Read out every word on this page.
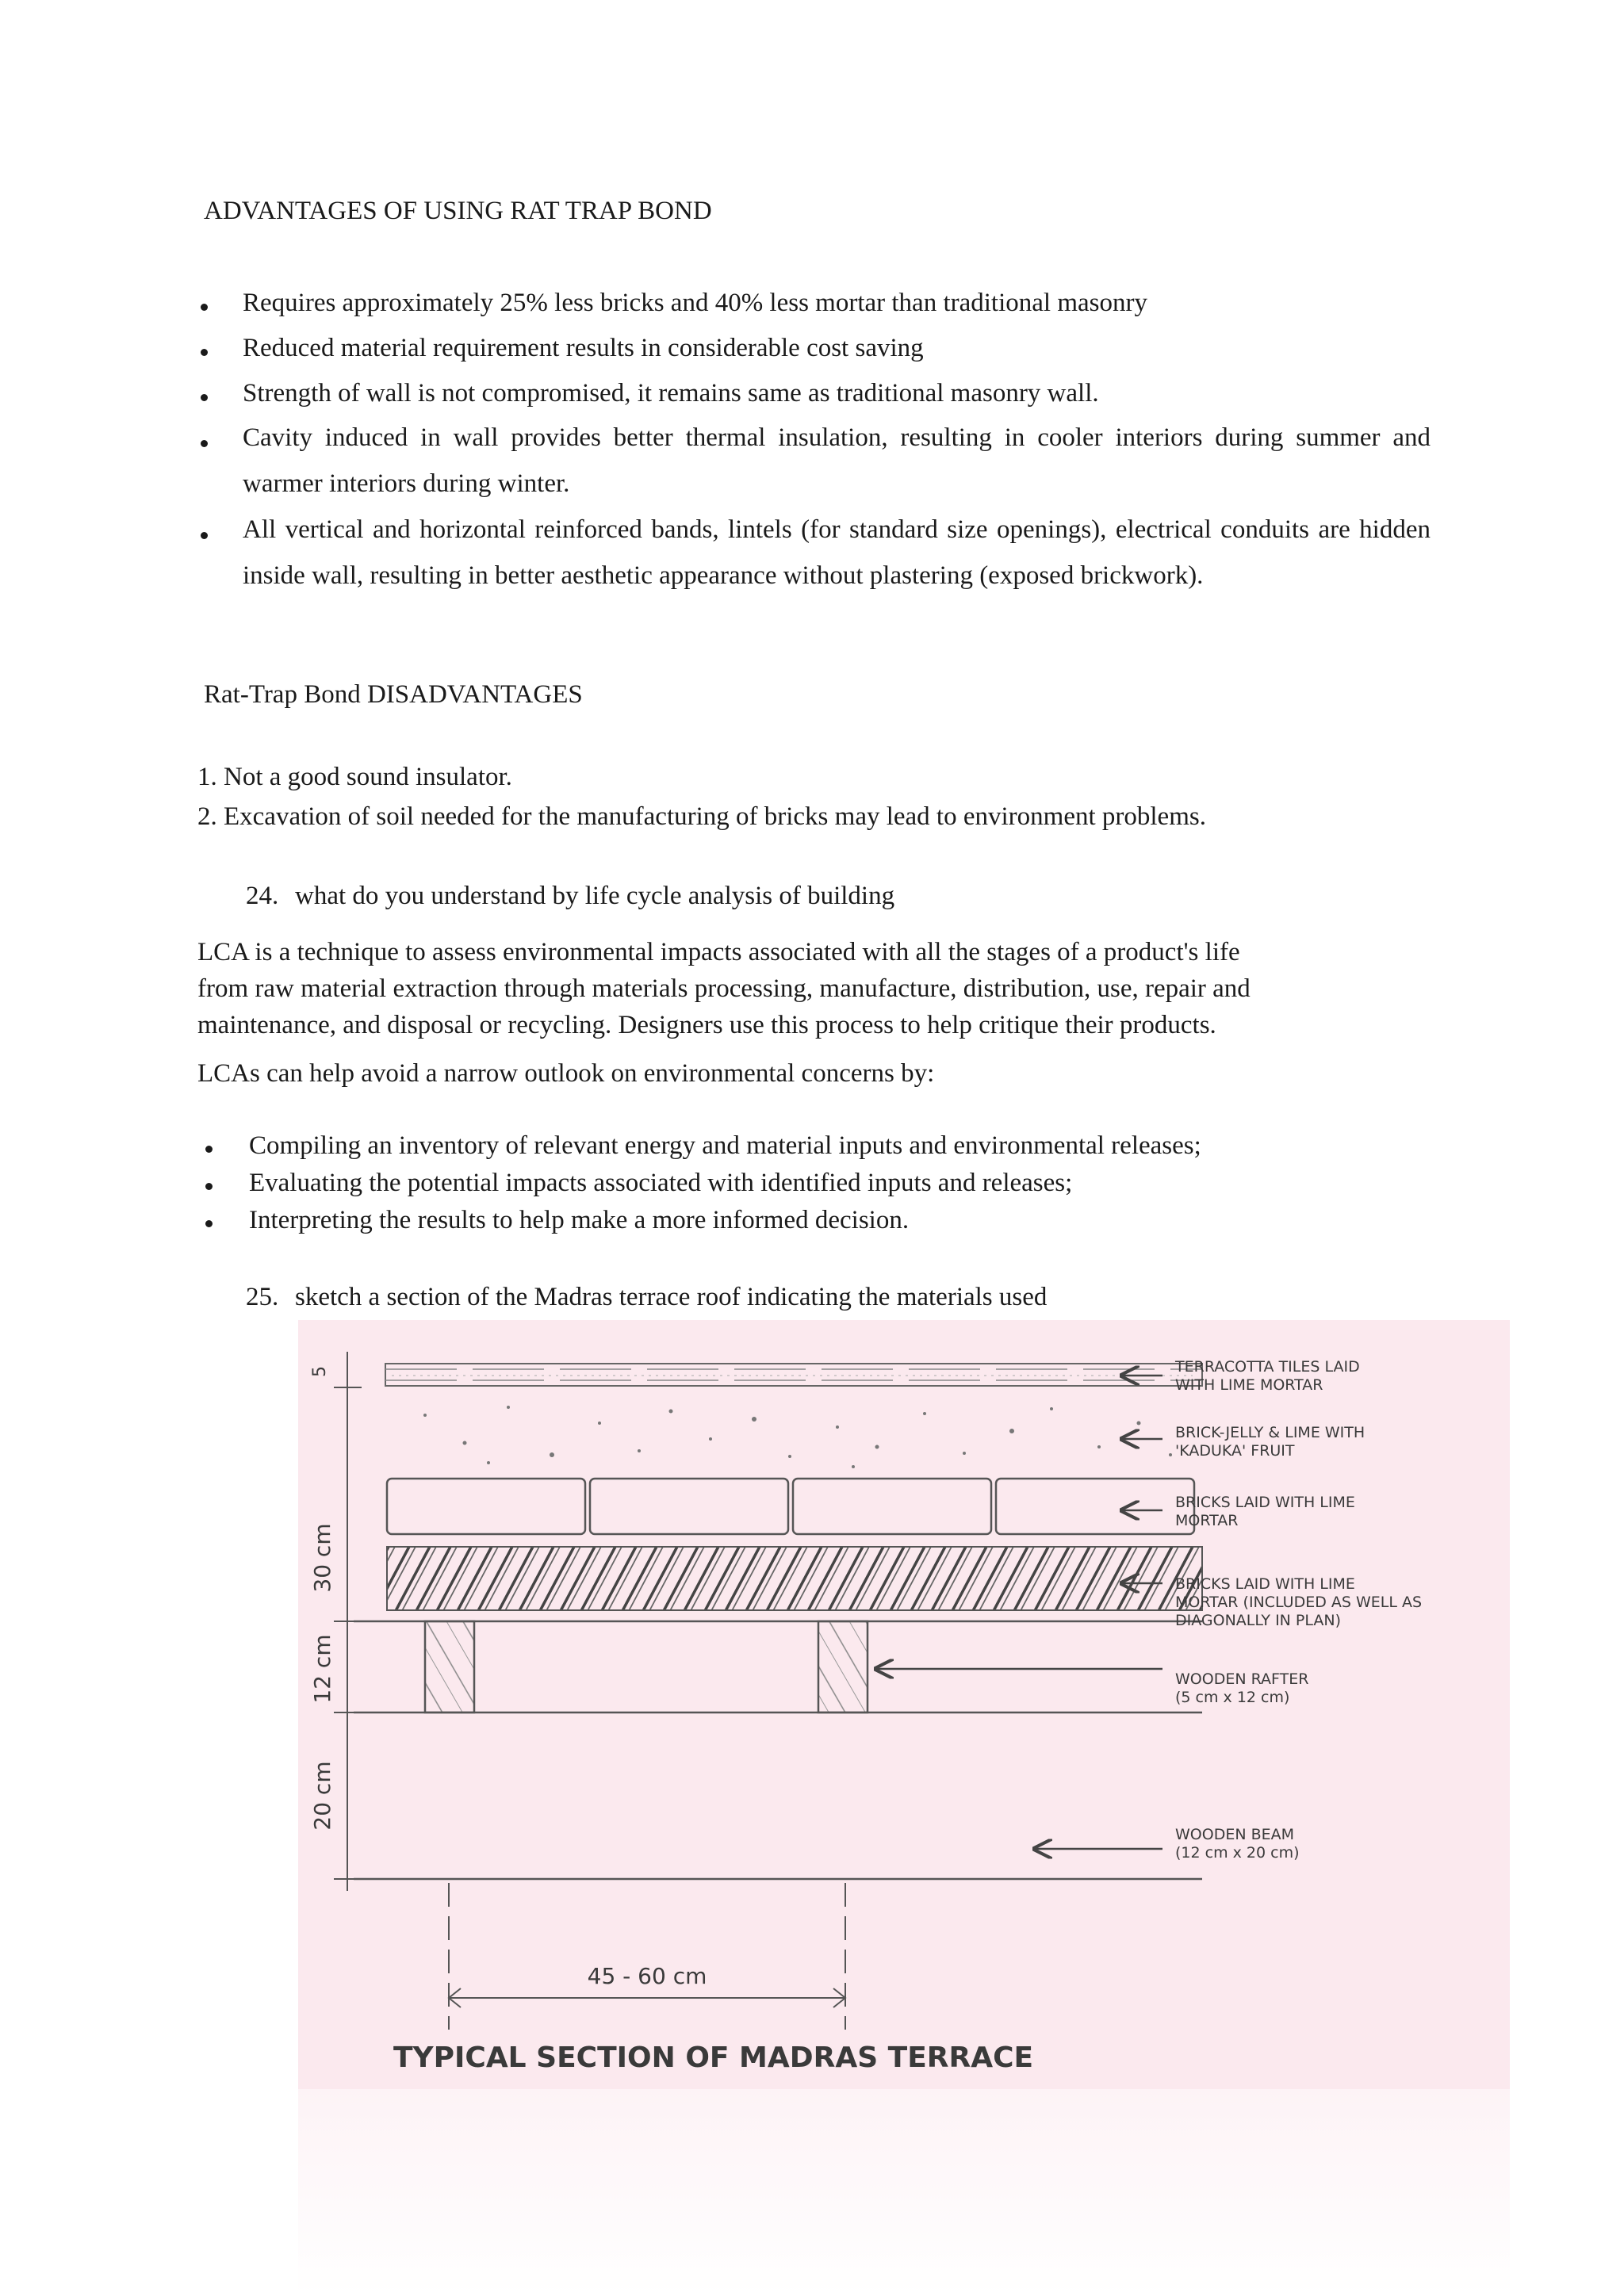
ADVANTAGES OF USING RAT TRAP BOND
Requires approximately 25% less bricks and 40% less mortar than traditional masonry
Reduced material requirement results in considerable cost saving
Strength of wall is not compromised, it remains same as traditional masonry wall.
Cavity induced in wall provides better thermal insulation, resulting in cooler interiors during summer and warmer interiors during winter.
All vertical and horizontal reinforced bands, lintels (for standard size openings), electrical conduits are hidden inside wall, resulting in better aesthetic appearance without plastering (exposed brickwork).
Rat-Trap Bond DISADVANTAGES
1. Not a good sound insulator.
2. Excavation of soil needed for the manufacturing of bricks may lead to environment problems.
24. what do you understand by life cycle analysis of building
LCA is a technique to assess environmental impacts associated with all the stages of a product's life
from raw material extraction through materials processing, manufacture, distribution, use, repair and
maintenance, and disposal or recycling. Designers use this process to help critique their products.
LCAs can help avoid a narrow outlook on environmental concerns by:
Compiling an inventory of relevant energy and material inputs and environmental releases;
Evaluating the potential impacts associated with identified inputs and releases;
Interpreting the results to help make a more informed decision.
25. sketch a section of the Madras terrace roof indicating the materials used
5
30 cm
12 cm
20 cm
45 - 60 cm
TERRACOTTA TILES LAID
WITH LIME MORTAR
BRICK-JELLY & LIME WITH
'KADUKA' FRUIT
BRICKS LAID WITH LIME
MORTAR
BRICKS LAID WITH LIME
MORTAR (INCLUDED AS WELL AS
DIAGONALLY IN PLAN)
WOODEN RAFTER
(5 cm x 12 cm)
WOODEN BEAM
(12 cm x 20 cm)
TYPICAL SECTION OF MADRAS TERRACE
